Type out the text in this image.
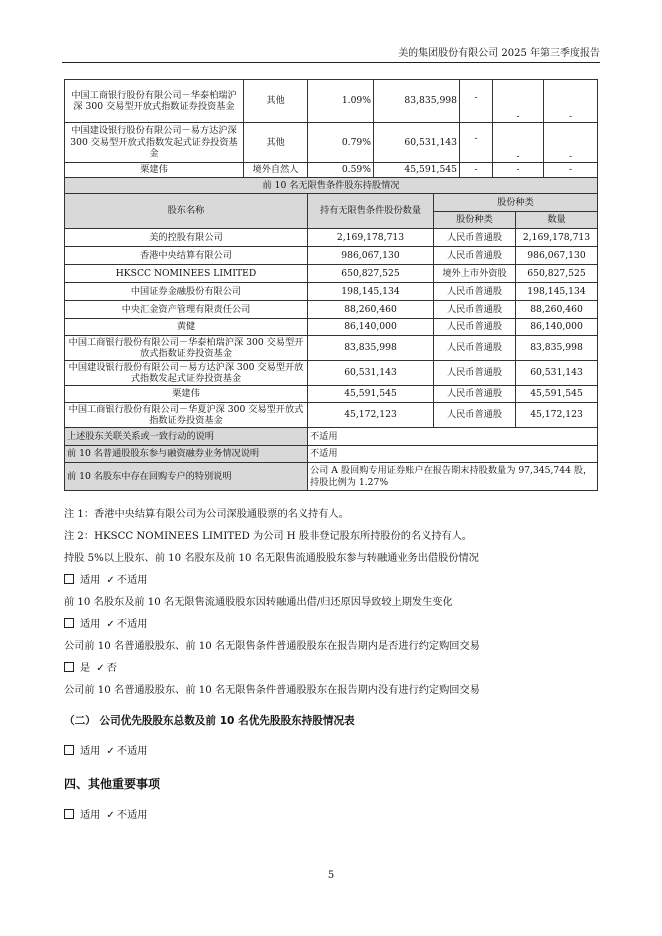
美的集团股份有限公司 2025 年第三季度报告
中国工商银行股份有限公司－华泰柏瑞沪深 300 交易型开放式指数证券投资基金	其他	1.09%	83,835,998	-	-	-
中国建设银行股份有限公司－易方达沪深 300 交易型开放式指数发起式证券投资基金	其他	0.79%	60,531,143	-	-	-
栗建伟	境外自然人	0.59%	45,591,545	-	-	-
前 10 名无限售条件股东持股情况						
股东名称	持有无限售条件股份数量	股份种类	
		股份种类	数量
美的控股有限公司	2,169,178,713	人民币普通股	2,169,178,713
香港中央结算有限公司	986,067,130	人民币普通股	986,067,130
HKSCC NOMINEES LIMITED	650,827,525	境外上市外资股	650,827,525
中国证券金融股份有限公司	198,145,134	人民币普通股	198,145,134
中央汇金资产管理有限责任公司	88,260,460	人民币普通股	88,260,460
黄健	86,140,000	人民币普通股	86,140,000
中国工商银行股份有限公司－华泰柏瑞沪深 300 交易型开放式指数证券投资基金	83,835,998	人民币普通股	83,835,998
中国建设银行股份有限公司－易方达沪深 300 交易型开放式指数发起式证券投资基金	60,531,143	人民币普通股	60,531,143
栗建伟	45,591,545	人民币普通股	45,591,545
中国工商银行股份有限公司－华夏沪深 300 交易型开放式指数证券投资基金	45,172,123	人民币普通股	45,172,123
上述股东关联关系或一致行动的说明	不适用		
前 10 名普通股股东参与融资融券业务情况说明	不适用		
前 10 名股东中存在回购专户的特别说明	公司 A 股回购专用证券账户在报告期末持股数量为 97,345,744 股，持股比例为 1.27%		
注 1：香港中央结算有限公司为公司深股通股票的名义持有人。
注 2：HKSCC NOMINEES LIMITED 为公司 H 股非登记股东所持股份的名义持有人。
持股 5%以上股东、前 10 名股东及前 10 名无限售流通股股东参与转融通业务出借股份情况
适用 ✓ 不适用
前 10 名股东及前 10 名无限售流通股股东因转融通出借/归还原因导致较上期发生变化
适用 ✓ 不适用
公司前 10 名普通股股东、前 10 名无限售条件普通股股东在报告期内是否进行约定购回交易
是 ✓ 否
公司前 10 名普通股股东、前 10 名无限售条件普通股股东在报告期内没有进行约定购回交易
（二） 公司优先股股东总数及前 10 名优先股股东持股情况表
适用 ✓ 不适用
四、其他重要事项
适用 ✓ 不适用
5
